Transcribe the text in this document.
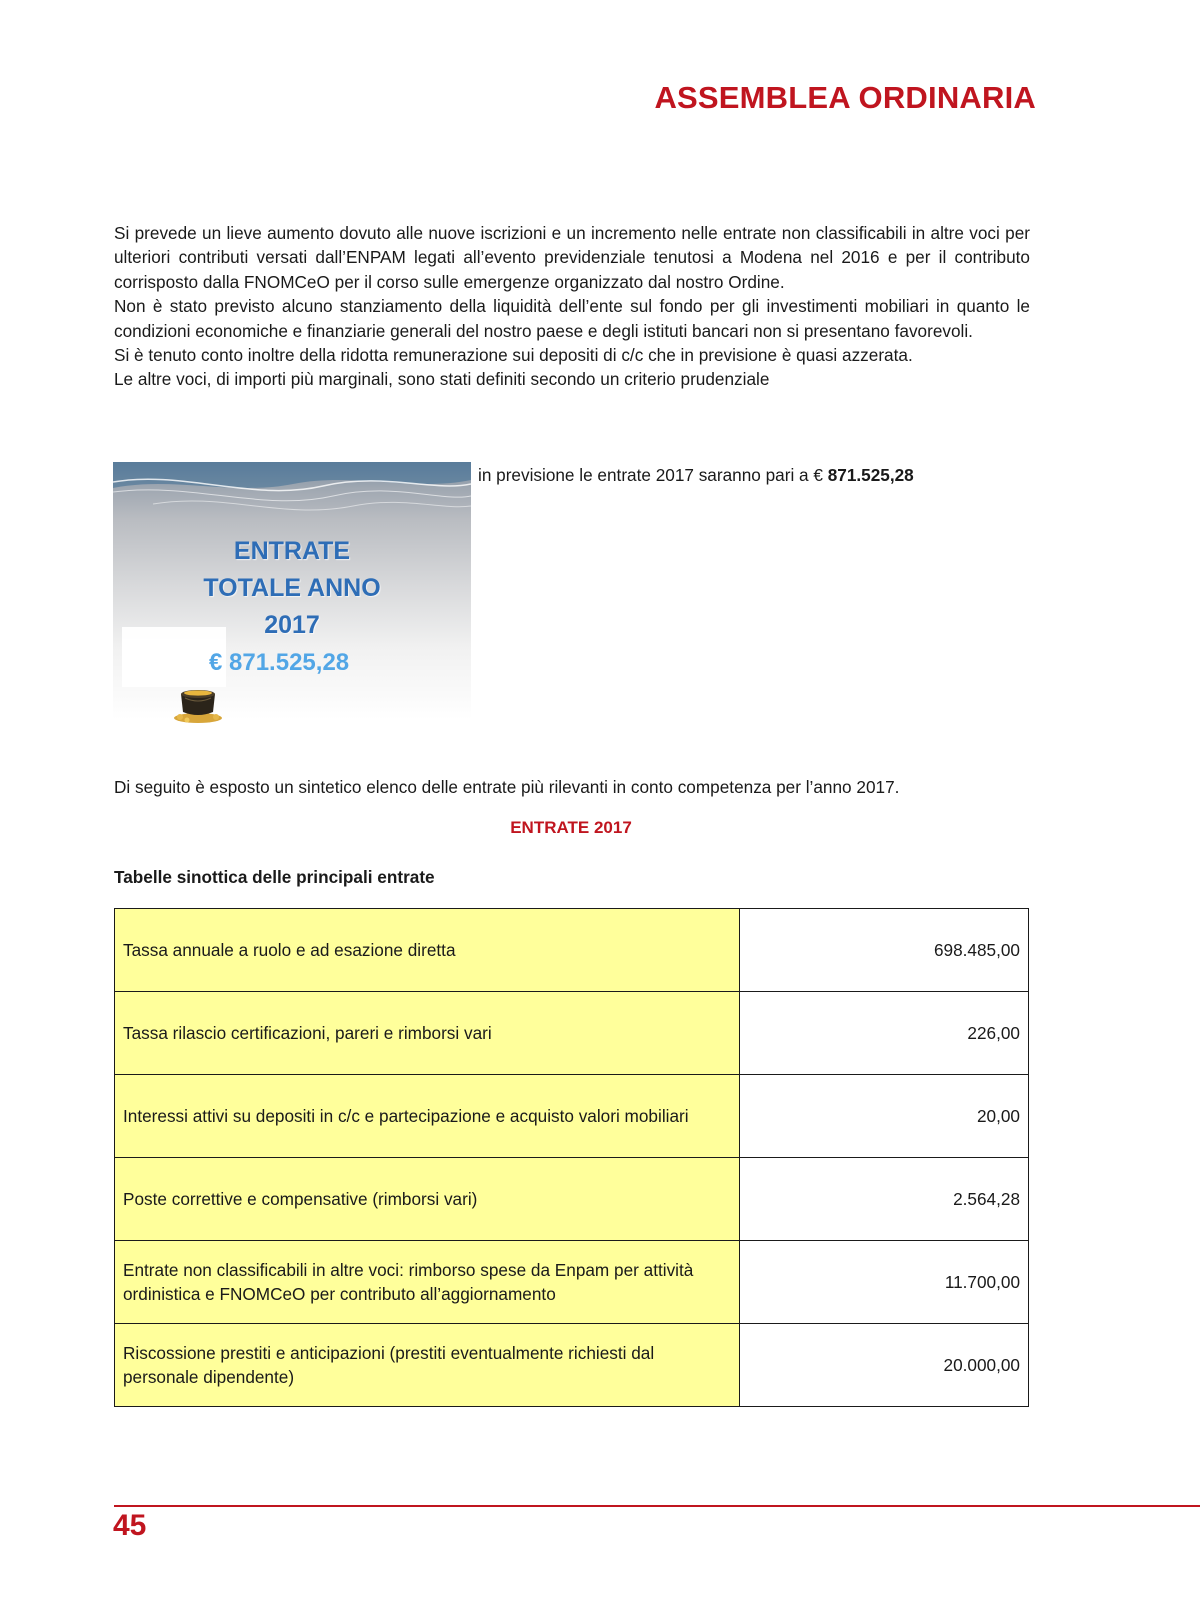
ASSEMBLEA ORDINARIA

Si prevede un lieve aumento dovuto alle nuove iscrizioni e un incremento nelle entrate non classificabili in altre voci per ulteriori contributi versati dall’ENPAM legati all’evento previdenziale tenutosi a Modena nel 2016 e per il contributo corrisposto dalla FNOMCeO per il corso sulle emergenze organizzato dal nostro Ordine.

Non è stato previsto alcuno stanziamento della liquidità dell’ente sul fondo per gli investimenti mobiliari in quanto le condizioni economiche e finanziarie generali del nostro paese e degli istituti bancari non si presentano favorevoli.

Si è tenuto conto inoltre della ridotta remunerazione sui depositi di c/c che in previsione è quasi azzerata.

Le altre voci, di importi più marginali, sono stati definiti secondo un criterio prudenziale

ENTRATE
TOTALE ANNO
2017
€ 871.525,28
in previsione le entrate 2017 saranno pari a € 871.525,28
Di seguito è esposto un sintetico elenco delle entrate più rilevanti in conto competenza per l’anno 2017.
ENTRATE 2017
Tabelle sinottica delle principali entrate
Tassa annuale a ruolo e ad esazione diretta	698.485,00
Tassa rilascio certificazioni, pareri e rimborsi vari	226,00
Interessi attivi su depositi in c/c e partecipazione e acquisto valori mobiliari	20,00
Poste correttive e compensative (rimborsi vari)	2.564,28
Entrate non classificabili in altre voci: rimborso spese da Enpam per attività ordinistica e FNOMCeO per contributo all’aggiornamento	11.700,00
Riscossione prestiti e anticipazioni (prestiti eventualmente richiesti dal personale dipendente)	20.000,00
45
